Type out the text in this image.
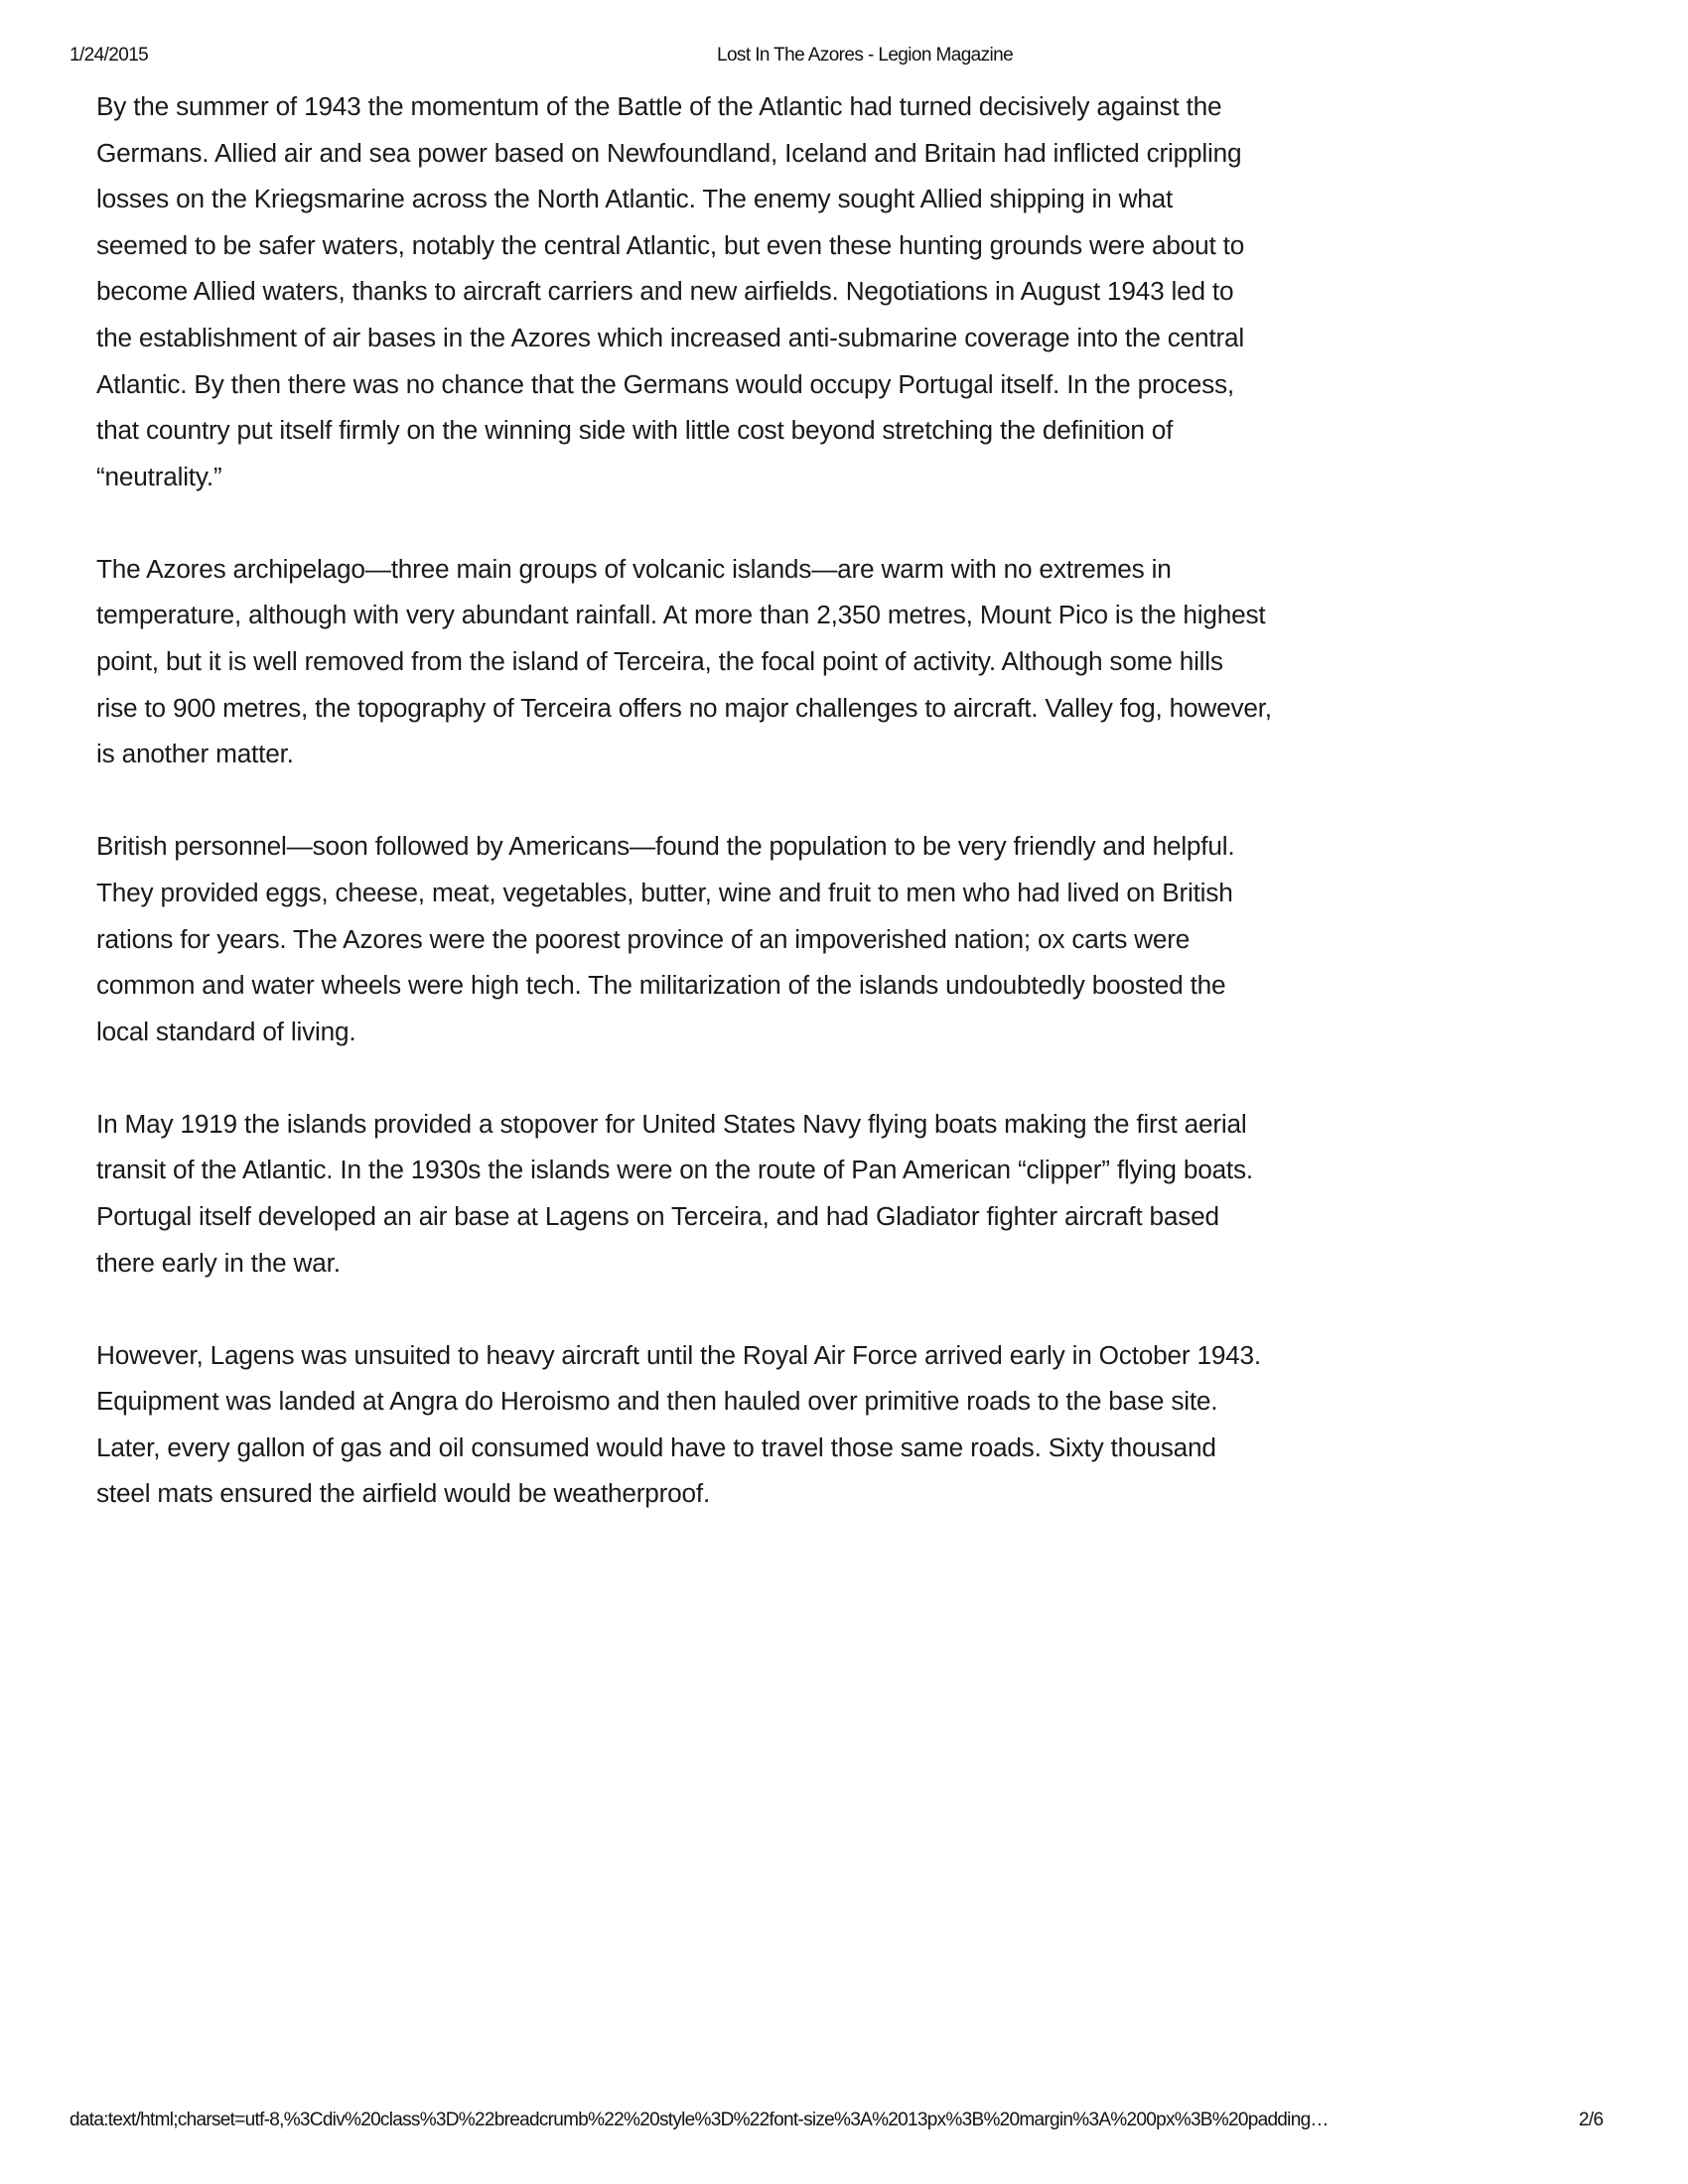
1/24/2015	Lost In The Azores - Legion Magazine

By the summer of 1943 the momentum of the Battle of the Atlantic had turned decisively against the
Germans. Allied air and sea power based on Newfoundland, Iceland and Britain had inflicted crippling
losses on the Kriegsmarine across the North Atlantic. The enemy sought Allied shipping in what
seemed to be safer waters, notably the central Atlantic, but even these hunting grounds were about to
become Allied waters, thanks to aircraft carriers and new airfields. Negotiations in August 1943 led to
the establishment of air bases in the Azores which increased anti-submarine coverage into the central
Atlantic. By then there was no chance that the Germans would occupy Portugal itself. In the process,
that country put itself firmly on the winning side with little cost beyond stretching the definition of
“neutrality.”

The Azores archipelago—three main groups of volcanic islands—are warm with no extremes in
temperature, although with very abundant rainfall. At more than 2,350 metres, Mount Pico is the highest
point, but it is well removed from the island of Terceira, the focal point of activity. Although some hills
rise to 900 metres, the topography of Terceira offers no major challenges to aircraft. Valley fog, however,
is another matter.

British personnel—soon followed by Americans—found the population to be very friendly and helpful.
They provided eggs, cheese, meat, vegetables, butter, wine and fruit to men who had lived on British
rations for years. The Azores were the poorest province of an impoverished nation; ox carts were
common and water wheels were high tech. The militarization of the islands undoubtedly boosted the
local standard of living.

In May 1919 the islands provided a stopover for United States Navy flying boats making the first aerial
transit of the Atlantic. In the 1930s the islands were on the route of Pan American “clipper” flying boats.
Portugal itself developed an air base at Lagens on Terceira, and had Gladiator fighter aircraft based
there early in the war.

However, Lagens was unsuited to heavy aircraft until the Royal Air Force arrived early in October 1943.
Equipment was landed at Angra do Heroismo and then hauled over primitive roads to the base site.
Later, every gallon of gas and oil consumed would have to travel those same roads. Sixty thousand
steel mats ensured the airfield would be weatherproof.

data:text/html;charset=utf-8,%3Cdiv%20class%3D%22breadcrumb%22%20style%3D%22font-size%3A%2013px%3B%20margin%3A%200px%3B%20padding…	2/6
